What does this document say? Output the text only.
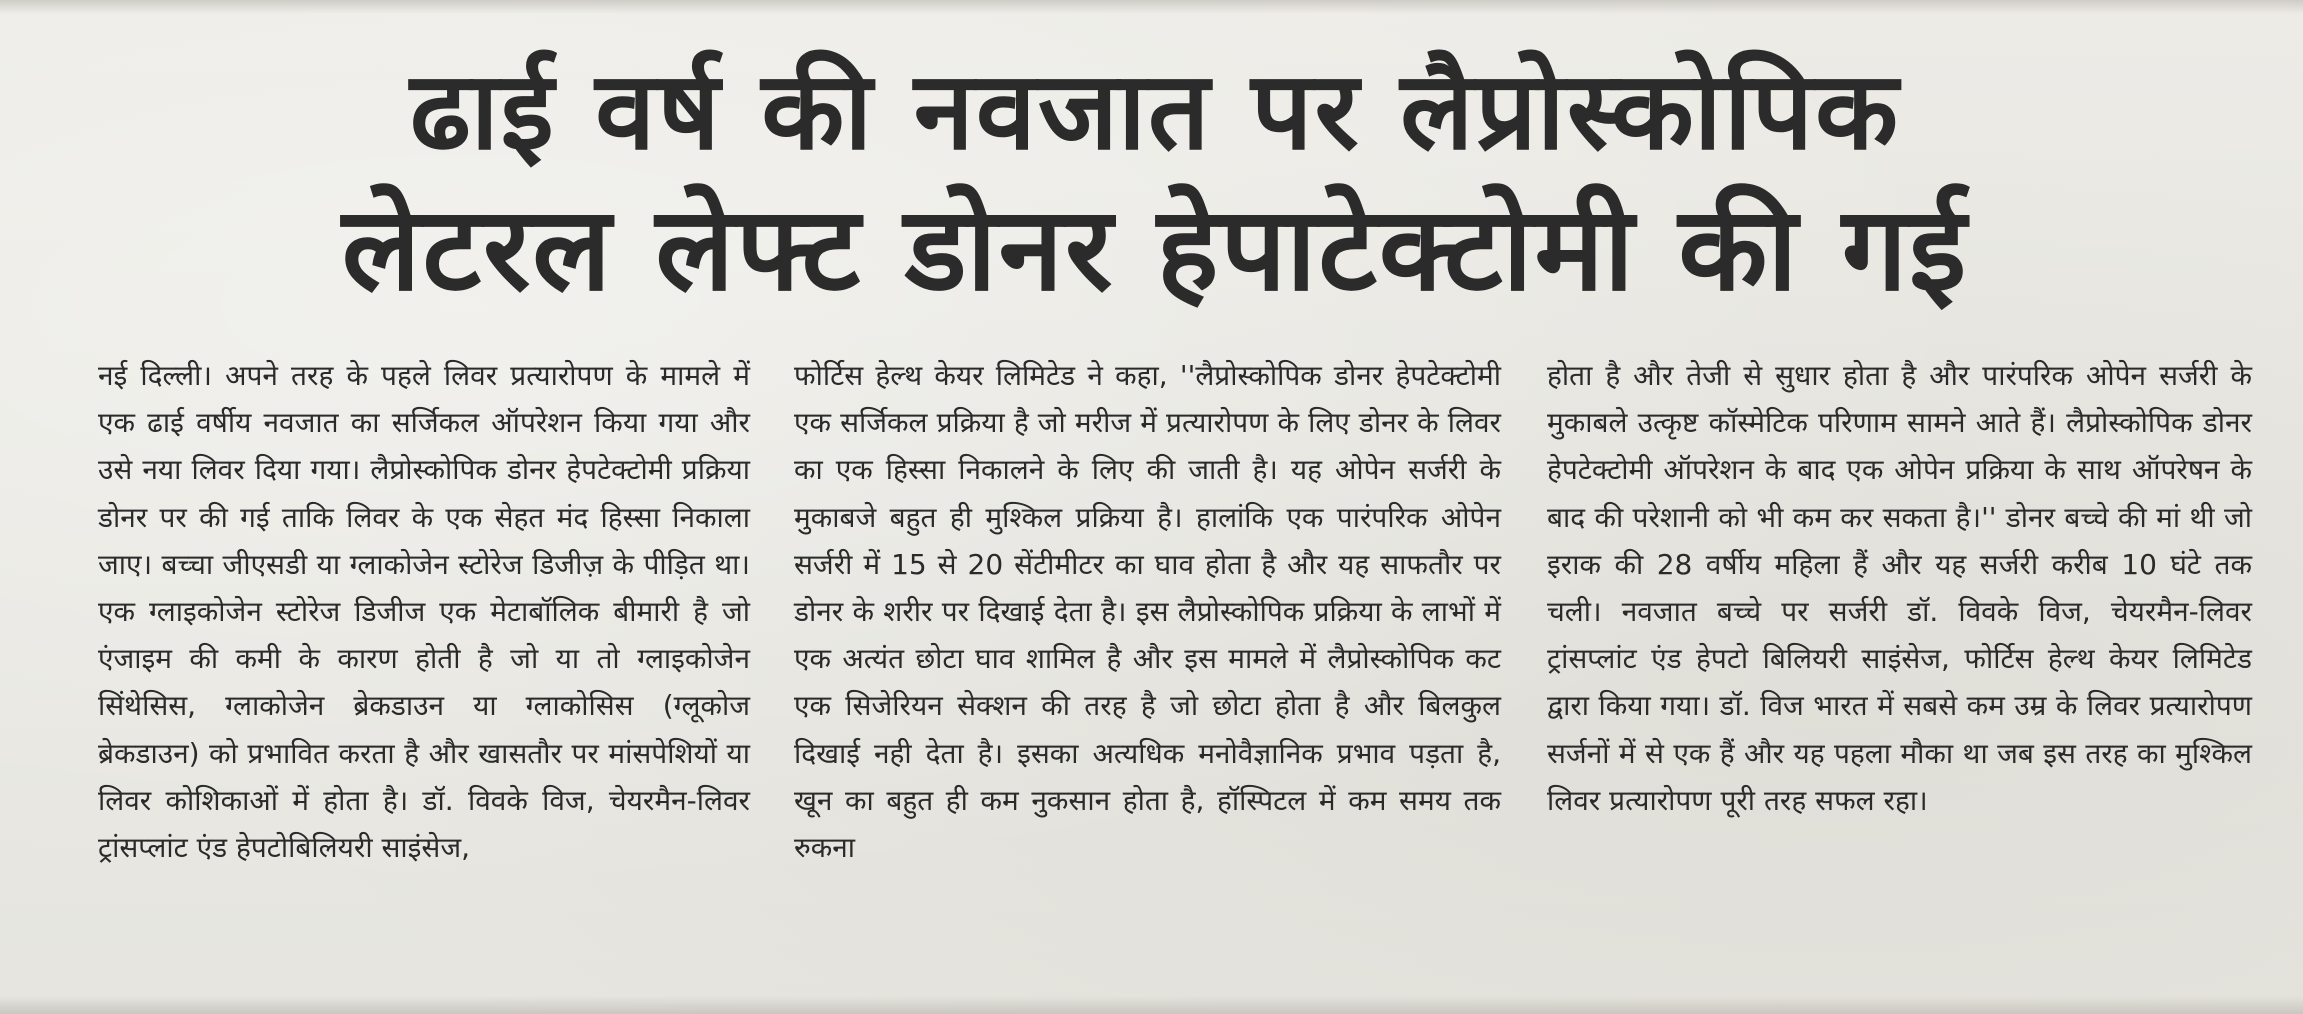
ढाई वर्ष की नवजात पर लैप्रोस्कोपिक
लेटरल लेफ्ट डोनर हेपाटेक्टोमी की गई

नई दिल्ली। अपने तरह के पहले लिवर प्रत्यारोपण के मामले में एक ढाई वर्षीय नवजात का सर्जिकल ऑपरेशन किया गया और उसे नया लिवर दिया गया। लैप्रोस्कोपिक डोनर हेपटेक्टोमी प्रक्रिया डोनर पर की गई ताकि लिवर के एक सेहत मंद हिस्सा निकाला जाए। बच्चा जीएसडी या ग्लाकोजेन स्टोरेज डिजीज़ के पीड़ित था। एक ग्लाइकोजेन स्टोरेज डिजीज एक मेटाबॉलिक बीमारी है जो एंजाइम की कमी के कारण होती है जो या तो ग्लाइकोजेन सिंथेसिस, ग्लाकोजेन ब्रेकडाउन या ग्लाकोसिस (ग्लूकोज ब्रेकडाउन) को प्रभावित करता है और खासतौर पर मांसपेशियों या लिवर कोशिकाओं में होता है। डॉ. विवके विज, चेयरमैन-लिवर ट्रांसप्लांट एंड हेपटोबिलियरी साइंसेज,

फोर्टिस हेल्थ केयर लिमिटेड ने कहा, ''लैप्रोस्कोपिक डोनर हेपटेक्टोमी एक सर्जिकल प्रक्रिया है जो मरीज में प्रत्यारोपण के लिए डोनर के लिवर का एक हिस्सा निकालने के लिए की जाती है। यह ओपेन सर्जरी के मुकाबजे बहुत ही मुश्किल प्रक्रिया है। हालांकि एक पारंपरिक ओपेन सर्जरी में 15 से 20 सेंटीमीटर का घाव होता है और यह साफतौर पर डोनर के शरीर पर दिखाई देता है। इस लैप्रोस्कोपिक प्रक्रिया के लाभों में एक अत्यंत छोटा घाव शामिल है और इस मामले में लैप्रोस्कोपिक कट एक सिजेरियन सेक्शन की तरह है जो छोटा होता है और बिलकुल दिखाई नही देता है। इसका अत्यधिक मनोवैज्ञानिक प्रभाव पड़ता है, खून का बहुत ही कम नुकसान होता है, हॉस्पिटल में कम समय तक रुकना

होता है और तेजी से सुधार होता है और पारंपरिक ओपेन सर्जरी के मुकाबले उत्कृष्ट कॉस्मेटिक परिणाम सामने आते हैं। लैप्रोस्कोपिक डोनर हेपटेक्टोमी ऑपरेशन के बाद एक ओपेन प्रक्रिया के साथ ऑपरेषन के बाद की परेशानी को भी कम कर सकता है।'' डोनर बच्चे की मां थी जो इराक की 28 वर्षीय महिला हैं और यह सर्जरी करीब 10 घंटे तक चली। नवजात बच्चे पर सर्जरी डॉ. विवके विज, चेयरमैन-लिवर ट्रांसप्लांट एंड हेपटो बिलियरी साइंसेज, फोर्टिस हेल्थ केयर लिमिटेड द्वारा किया गया। डॉ. विज भारत में सबसे कम उम्र के लिवर प्रत्यारोपण सर्जनों में से एक हैं और यह पहला मौका था जब इस तरह का मुश्किल लिवर प्रत्यारोपण पूरी तरह सफल रहा।
